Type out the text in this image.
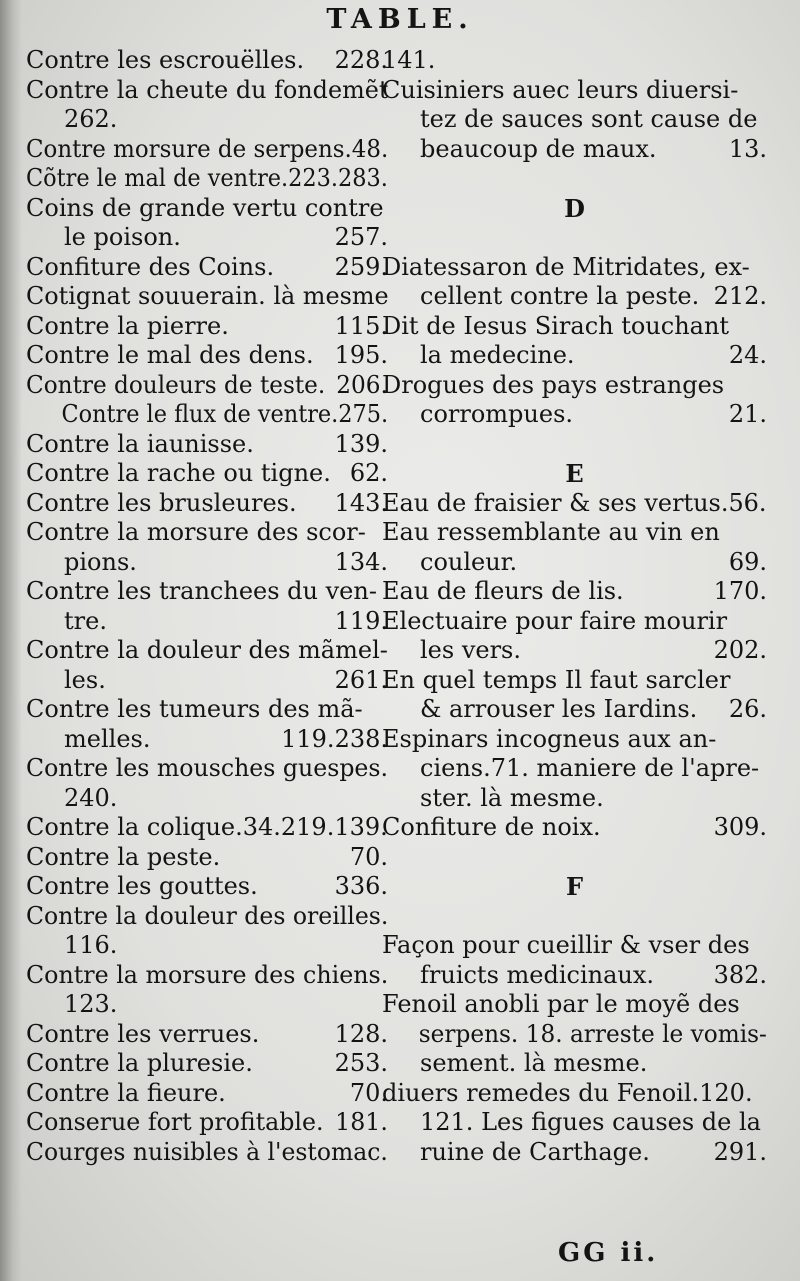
TABLE.
Contre les escrouëlles. 228.
Contre la cheute du fondemẽt
262.
Contre morsure de serpens.48.
Cõtre le mal de ventre.223.283.
Coins de grande vertu contre
le poison.	257.
Confiture des Coins.	259.
Cotignat souuerain. là mesme
Contre la pierre.	115.
Contre le mal des dens. 195.
Contre douleurs de teste. 206.
Contre le flux de ventre.275.
Contre la iaunisse.	139.
Contre la rache ou tigne. 62.
Contre les brusleures. 143.
Contre la morsure des scor-
pions.	134.
Contre les tranchees du ven-
tre.	119.
Contre la douleur des mãmel-
les.	261.
Contre les tumeurs des mã-
melles.	119.238.
Contre les mousches guespes.
240.
Contre la colique.34.219.139.
Contre la peste.	70.
Contre les gouttes.	336.
Contre la douleur des oreilles.
116.
Contre la morsure des chiens.
123.
Contre les verrues.	128.
Contre la pluresie.	253.
Contre la fieure.	70.
Conserue fort profitable. 181.
Courges nuisibles à l'estomac.
141.
Cuisiniers auec leurs diuersi-
tez de sauces sont cause de
beaucoup de maux.	13.
D
Diatessaron de Mitridates, ex-
cellent contre la peste. 212.
Dit de Iesus Sirach touchant
la medecine.	24.
Drogues des pays estranges
corrompues.	21.
E
Eau de fraisier & ses vertus.56.
Eau ressemblante au vin en
couleur.	69.
Eau de fleurs de lis.	170.
Electuaire pour faire mourir
les vers.	202.
En quel temps Il faut sarcler
& arrouser les Iardins. 26.
Espinars incogneus aux an-
ciens.71. maniere de l'apre-
ster. là mesme.
Confiture de noix.	309.
F
Façon pour cueillir & vser des
fruicts medicinaux. 382.
Fenoil anobli par le moyẽ des
serpens. 18. arreste le vomis-
sement. là mesme.
diuers remedes du Fenoil.120.
121. Les figues causes de la
ruine de Carthage.	291.
GG ii.
